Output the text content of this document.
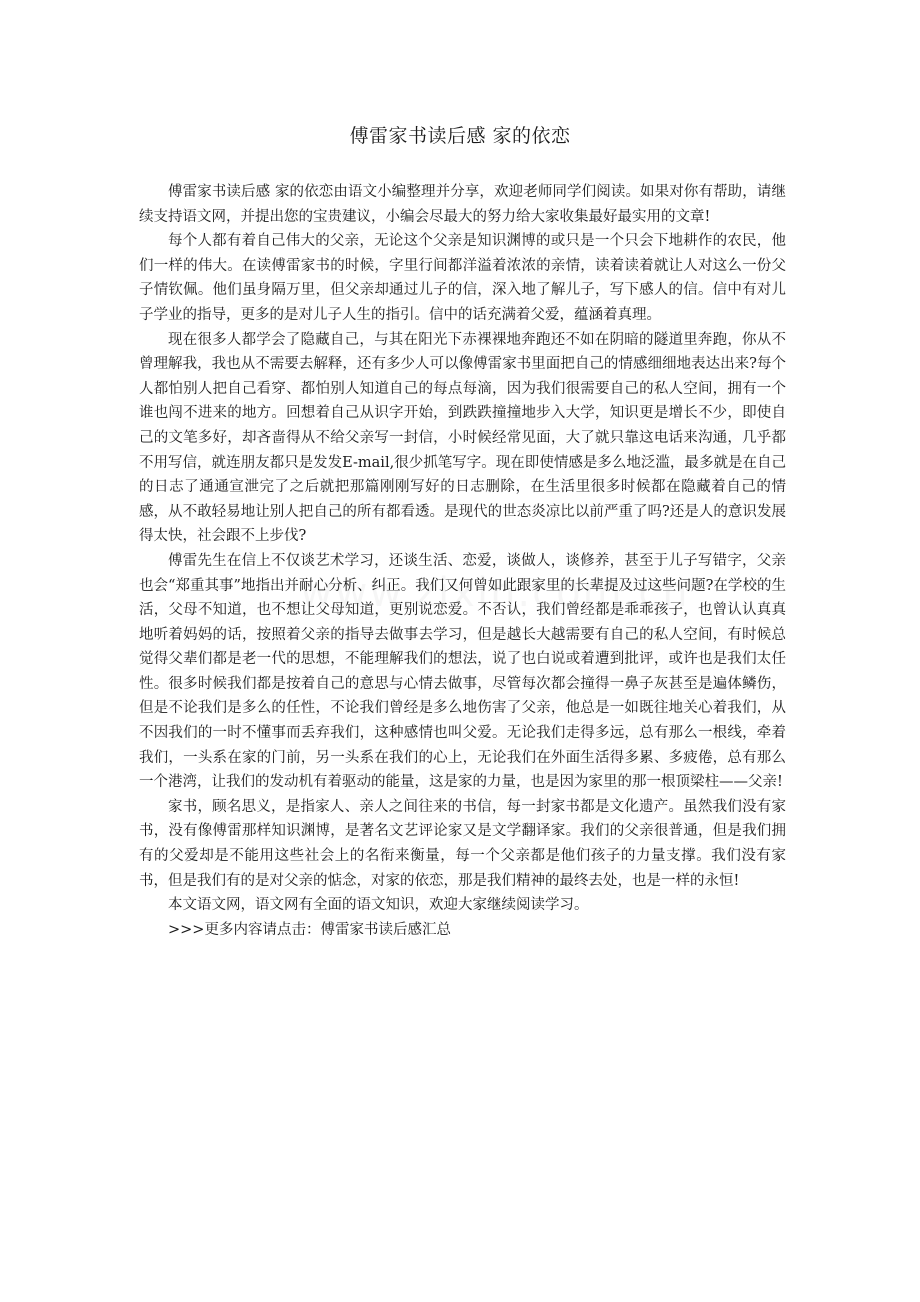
傅雷家书读后感 家的依恋

傅雷家书读后感 家的依恋由语文小编整理并分享，欢迎老师同学们阅读。如果对你有帮助，请继续支持语文网，并提出您的宝贵建议，小编会尽最大的努力给大家收集最好最实用的文章!

每个人都有着自己伟大的父亲，无论这个父亲是知识渊博的或只是一个只会下地耕作的农民，他们一样的伟大。在读傅雷家书的时候，字里行间都洋溢着浓浓的亲情，读着读着就让人对这么一份父子情钦佩。他们虽身隔万里，但父亲却通过儿子的信，深入地了解儿子，写下感人的信。信中有对儿子学业的指导，更多的是对儿子人生的指引。信中的话充满着父爱，蕴涵着真理。

现在很多人都学会了隐藏自己，与其在阳光下赤裸裸地奔跑还不如在阴暗的隧道里奔跑，你从不曾理解我，我也从不需要去解释，还有多少人可以像傅雷家书里面把自己的情感细细地表达出来?每个人都怕别人把自己看穿、都怕别人知道自己的每点每滴，因为我们很需要自己的私人空间，拥有一个谁也闯不进来的地方。回想着自己从识字开始，到跌跌撞撞地步入大学，知识更是增长不少，即使自己的文笔多好，却吝啬得从不给父亲写一封信，小时候经常见面，大了就只靠这电话来沟通，几乎都不用写信，就连朋友都只是发发E-mail,很少抓笔写字。现在即使情感是多么地泛滥，最多就是在自己的日志了通通宣泄完了之后就把那篇刚刚写好的日志删除，在生活里很多时候都在隐藏着自己的情感，从不敢轻易地让别人把自己的所有都看透。是现代的世态炎凉比以前严重了吗?还是人的意识发展得太快，社会跟不上步伐?

傅雷先生在信上不仅谈艺术学习，还谈生活、恋爱，谈做人，谈修养，甚至于儿子写错字，父亲也会“郑重其事”地指出并耐心分析、纠正。我们又何曾如此跟家里的长辈提及过这些问题?在学校的生活，父母不知道，也不想让父母知道，更别说恋爱。不否认，我们曾经都是乖乖孩子，也曾认认真真地听着妈妈的话，按照着父亲的指导去做事去学习，但是越长大越需要有自己的私人空间，有时候总觉得父辈们都是老一代的思想，不能理解我们的想法，说了也白说或着遭到批评，或许也是我们太任性。很多时候我们都是按着自己的意思与心情去做事，尽管每次都会撞得一鼻子灰甚至是遍体鳞伤，但是不论我们是多么的任性，不论我们曾经是多么地伤害了父亲，他总是一如既往地关心着我们，从不因我们的一时不懂事而丢弃我们，这种感情也叫父爱。无论我们走得多远，总有那么一根线，牵着我们，一头系在家的门前，另一头系在我们的心上，无论我们在外面生活得多累、多疲倦，总有那么一个港湾，让我们的发动机有着驱动的能量，这是家的力量，也是因为家里的那一根顶梁柱——父亲!

家书，顾名思义，是指家人、亲人之间往来的书信，每一封家书都是文化遗产。虽然我们没有家书，没有像傅雷那样知识渊博，是著名文艺评论家又是文学翻译家。我们的父亲很普通，但是我们拥有的父爱却是不能用这些社会上的名衔来衡量，每一个父亲都是他们孩子的力量支撑。我们没有家书，但是我们有的是对父亲的惦念，对家的依恋，那是我们精神的最终去处，也是一样的永恒!

本文语文网，语文网有全面的语文知识，欢迎大家继续阅读学习。

>>>更多内容请点击：傅雷家书读后感汇总
